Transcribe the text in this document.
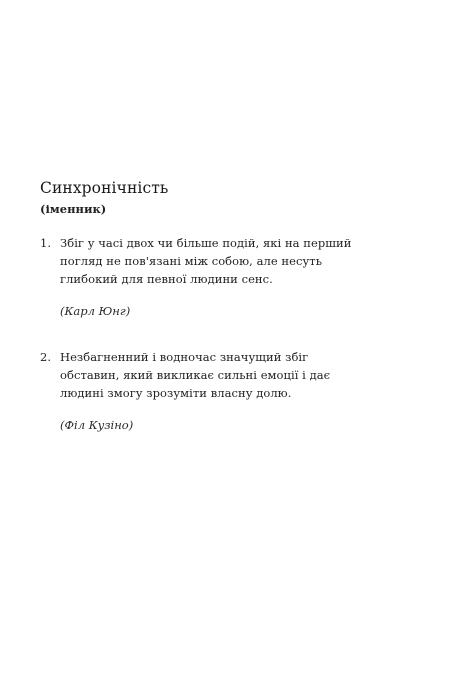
Синхронічність
(іменник)
1. Збіг у часі двох чи більше подій, які на перший
погляд не пов'язані між собою, але несуть
глибокий для певної людини сенс.
(Карл Юнг)
2. Незбагненний і водночас значущий збіг
обставин, який викликає сильні емоції і дає
людині змогу зрозуміти власну долю.
(Філ Кузіно)
